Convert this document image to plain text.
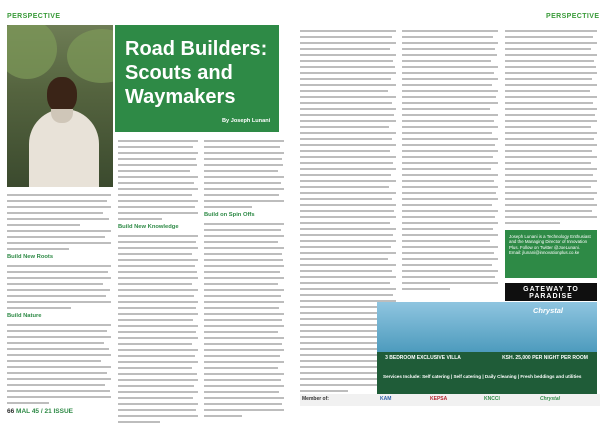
PERSPECTIVE	PERSPECTIVE
Road Builders: Scouts and Waymakers
By Joseph Lunani
Build New Roots
Build Nature
Build New Knowledge
Build on Spin Offs
Joseph Lunani is a Technology Enthusiast and the Managing Director of Innovation Plus. Follow on Twitter @JoeLunani. Email: jlunani@innovationplus.co.ke
GATEWAY TO PARADISE
Chrystal
3 BEDROOM EXCLUSIVE VILLA	KSH. 25,000 PER NIGHT PER ROOM
Services Include: Self catering | Self catering | Daily Cleaning | Fresh beddings and utilities
Member of:	KAM	KEPSA	KNCCI	Chrystal
66 MAL 45 / 21 ISSUE
